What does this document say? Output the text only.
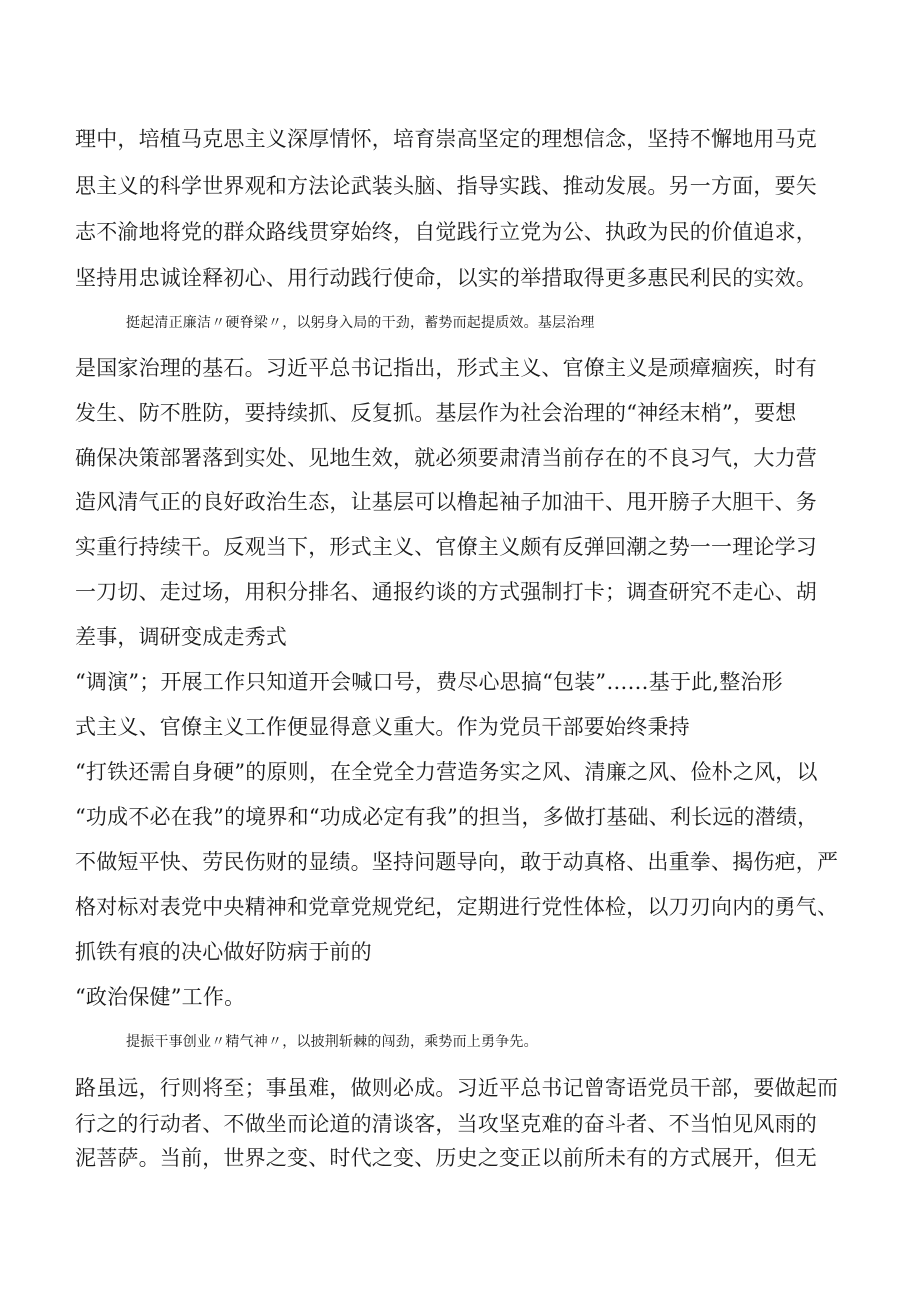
理中，培植马克思主义深厚情怀，培育崇高坚定的理想信念，坚持不懈地用马克

思主义的科学世界观和方法论武装头脑、指导实践、推动发展。另一方面，要矢

志不渝地将党的群众路线贯穿始终，自觉践行立党为公、执政为民的价值追求，

坚持用忠诚诠释初心、用行动践行使命，以实的举措取得更多惠民利民的实效。

挺起清正廉洁〃硬脊梁〃，以躬身入局的干劲，蓄势而起提质效。基层治理

是国家治理的基石。习近平总书记指出，形式主义、官僚主义是顽瘴痼疾，时有

发生、防不胜防，要持续抓、反复抓。基层作为社会治理的“神经末梢”，要想

确保决策部署落到实处、见地生效，就必须要肃清当前存在的不良习气，大力营

造风清气正的良好政治生态，让基层可以橹起袖子加油干、甩开膀子大胆干、务

实重行持续干。反观当下，形式主义、官僚主义颇有反弹回潮之势一一理论学习

一刀切、走过场，用积分排名、通报约谈的方式强制打卡；调查研究不走心、胡

差事，调研变成走秀式

“调演”；开展工作只知道开会喊口号，费尽心思搞“包装”……基于此,整治形

式主义、官僚主义工作便显得意义重大。作为党员干部要始终秉持

“打铁还需自身硬”的原则，在全党全力营造务实之风、清廉之风、俭朴之风，以

“功成不必在我”的境界和“功成必定有我”的担当，多做打基础、利长远的潜绩，

不做短平快、劳民伤财的显绩。坚持问题导向，敢于动真格、出重拳、揭伤疤，严

格对标对表党中央精神和党章党规党纪，定期进行党性体检，以刀刃向内的勇气、

抓铁有痕的决心做好防病于前的

“政治保健”工作。

提振干事创业〃精气神〃，以披荆斩棘的闯劲，乘势而上勇争先。

路虽远，行则将至；事虽难，做则必成。习近平总书记曾寄语党员干部，要做起而

行之的行动者、不做坐而论道的清谈客，当攻坚克难的奋斗者、不当怕见风雨的

泥菩萨。当前，世界之变、时代之变、历史之变正以前所未有的方式展开，但无
